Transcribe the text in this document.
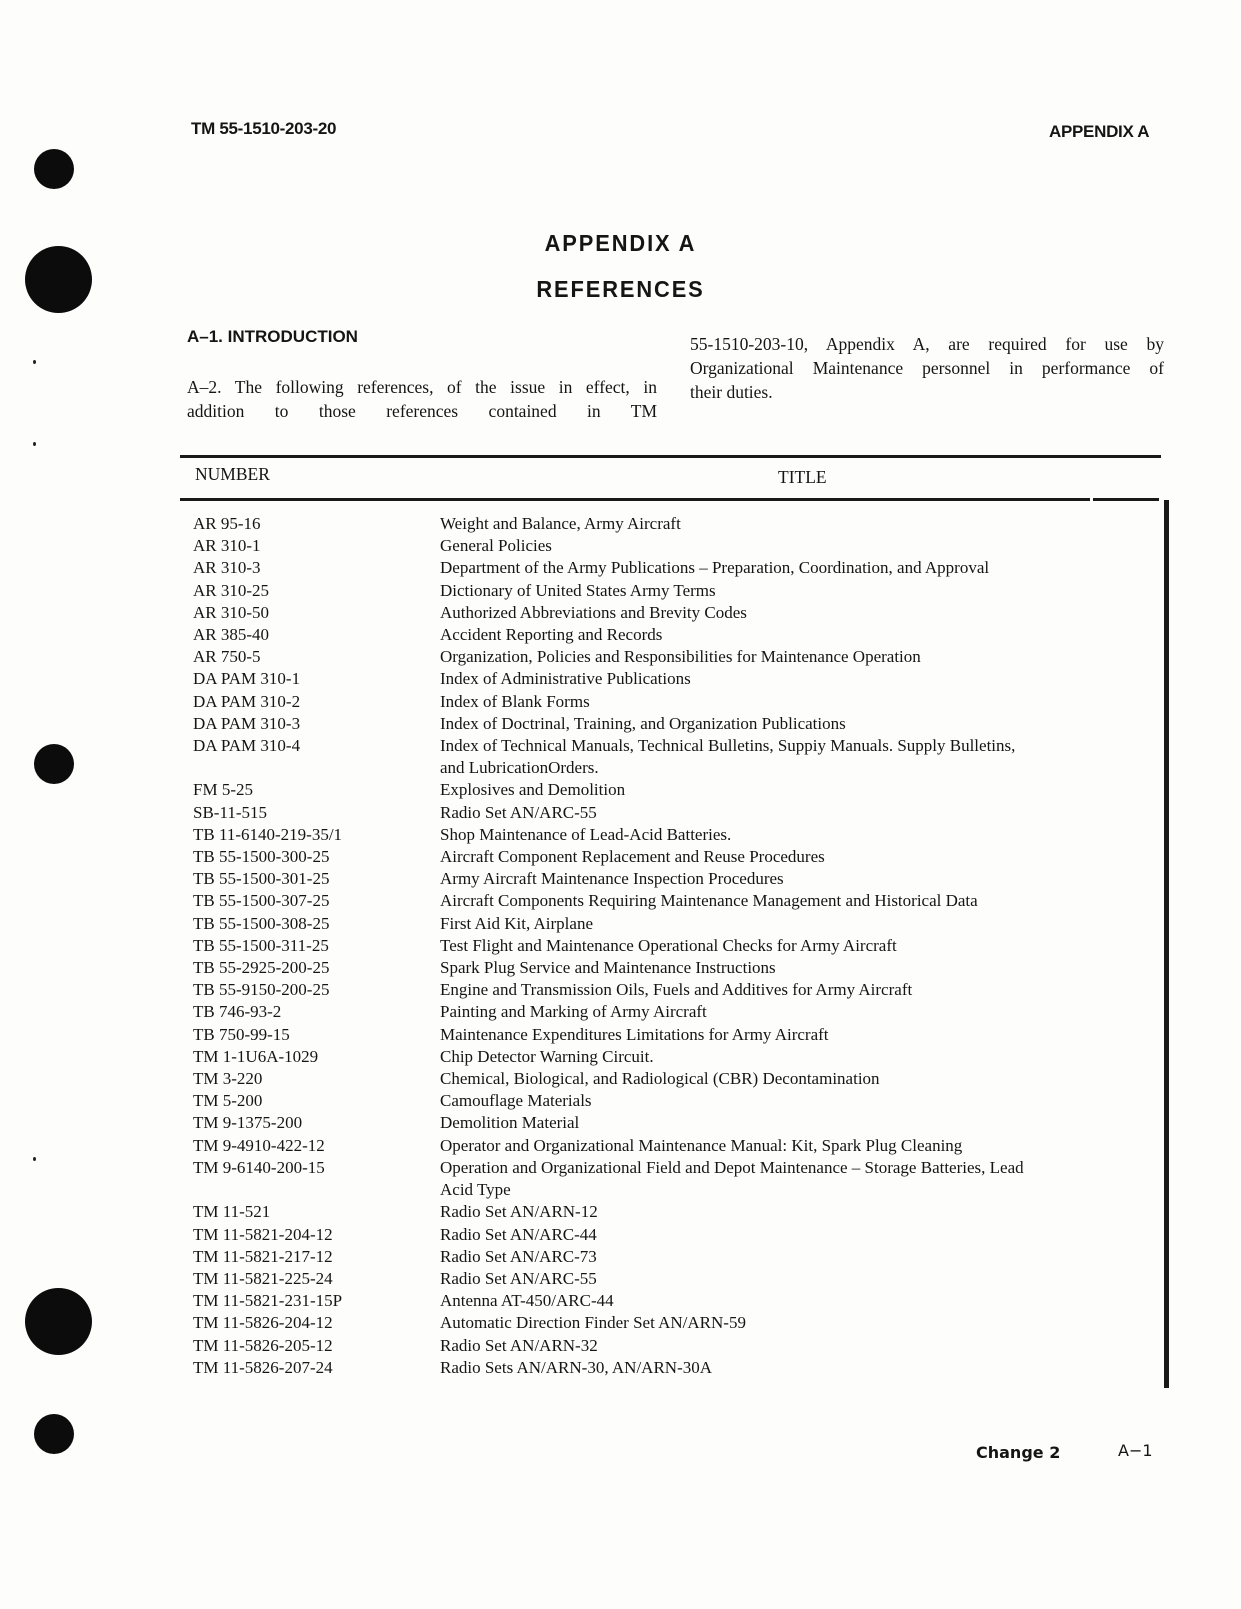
TM 55-1510-203-20	APPENDIX A
APPENDIX A
REFERENCES
A–1. INTRODUCTION
A–2. The following references, of the issue in effect, in
addition to those references contained in TM
55-1510-203-10, Appendix A, are required for use by
Organizational Maintenance personnel in performance of
their duties.
NUMBER	TITLE
AR 95-16	Weight and Balance, Army Aircraft
AR 310-1	General Policies
AR 310-3	Department of the Army Publications – Preparation, Coordination, and Approval
AR 310-25	Dictionary of United States Army Terms
AR 310-50	Authorized Abbreviations and Brevity Codes
AR 385-40	Accident Reporting and Records
AR 750-5	Organization, Policies and Responsibilities for Maintenance Operation
DA PAM 310-1	Index of Administrative Publications
DA PAM 310-2	Index of Blank Forms
DA PAM 310-3	Index of Doctrinal, Training, and Organization Publications
DA PAM 310-4	Index of Technical Manuals, Technical Bulletins, Suppiy Manuals. Supply Bulletins,
and LubricationOrders.
FM 5-25	Explosives and Demolition
SB-11-515	Radio Set AN/ARC-55
TB 11-6140-219-35/1	Shop Maintenance of Lead-Acid Batteries.
TB 55-1500-300-25	Aircraft Component Replacement and Reuse Procedures
TB 55-1500-301-25	Army Aircraft Maintenance Inspection Procedures
TB 55-1500-307-25	Aircraft Components Requiring Maintenance Management and Historical Data
TB 55-1500-308-25	First Aid Kit, Airplane
TB 55-1500-311-25	Test Flight and Maintenance Operational Checks for Army Aircraft
TB 55-2925-200-25	Spark Plug Service and Maintenance Instructions
TB 55-9150-200-25	Engine and Transmission Oils, Fuels and Additives for Army Aircraft
TB 746-93-2	Painting and Marking of Army Aircraft
TB 750-99-15	Maintenance Expenditures Limitations for Army Aircraft
TM 1-1U6A-1029	Chip Detector Warning Circuit.
TM 3-220	Chemical, Biological, and Radiological (CBR) Decontamination
TM 5-200	Camouflage Materials
TM 9-1375-200	Demolition Material
TM 9-4910-422-12	Operator and Organizational Maintenance Manual: Kit, Spark Plug Cleaning
TM 9-6140-200-15	Operation and Organizational Field and Depot Maintenance – Storage Batteries, Lead
Acid Type
TM 11-521	Radio Set AN/ARN-12
TM 11-5821-204-12	Radio Set AN/ARC-44
TM 11-5821-217-12	Radio Set AN/ARC-73
TM 11-5821-225-24	Radio Set AN/ARC-55
TM 11-5821-231-15P	Antenna AT-450/ARC-44
TM 11-5826-204-12	Automatic Direction Finder Set AN/ARN-59
TM 11-5826-205-12	Radio Set AN/ARN-32
TM 11-5826-207-24	Radio Sets AN/ARN-30, AN/ARN-30A
Change 2	A−1
